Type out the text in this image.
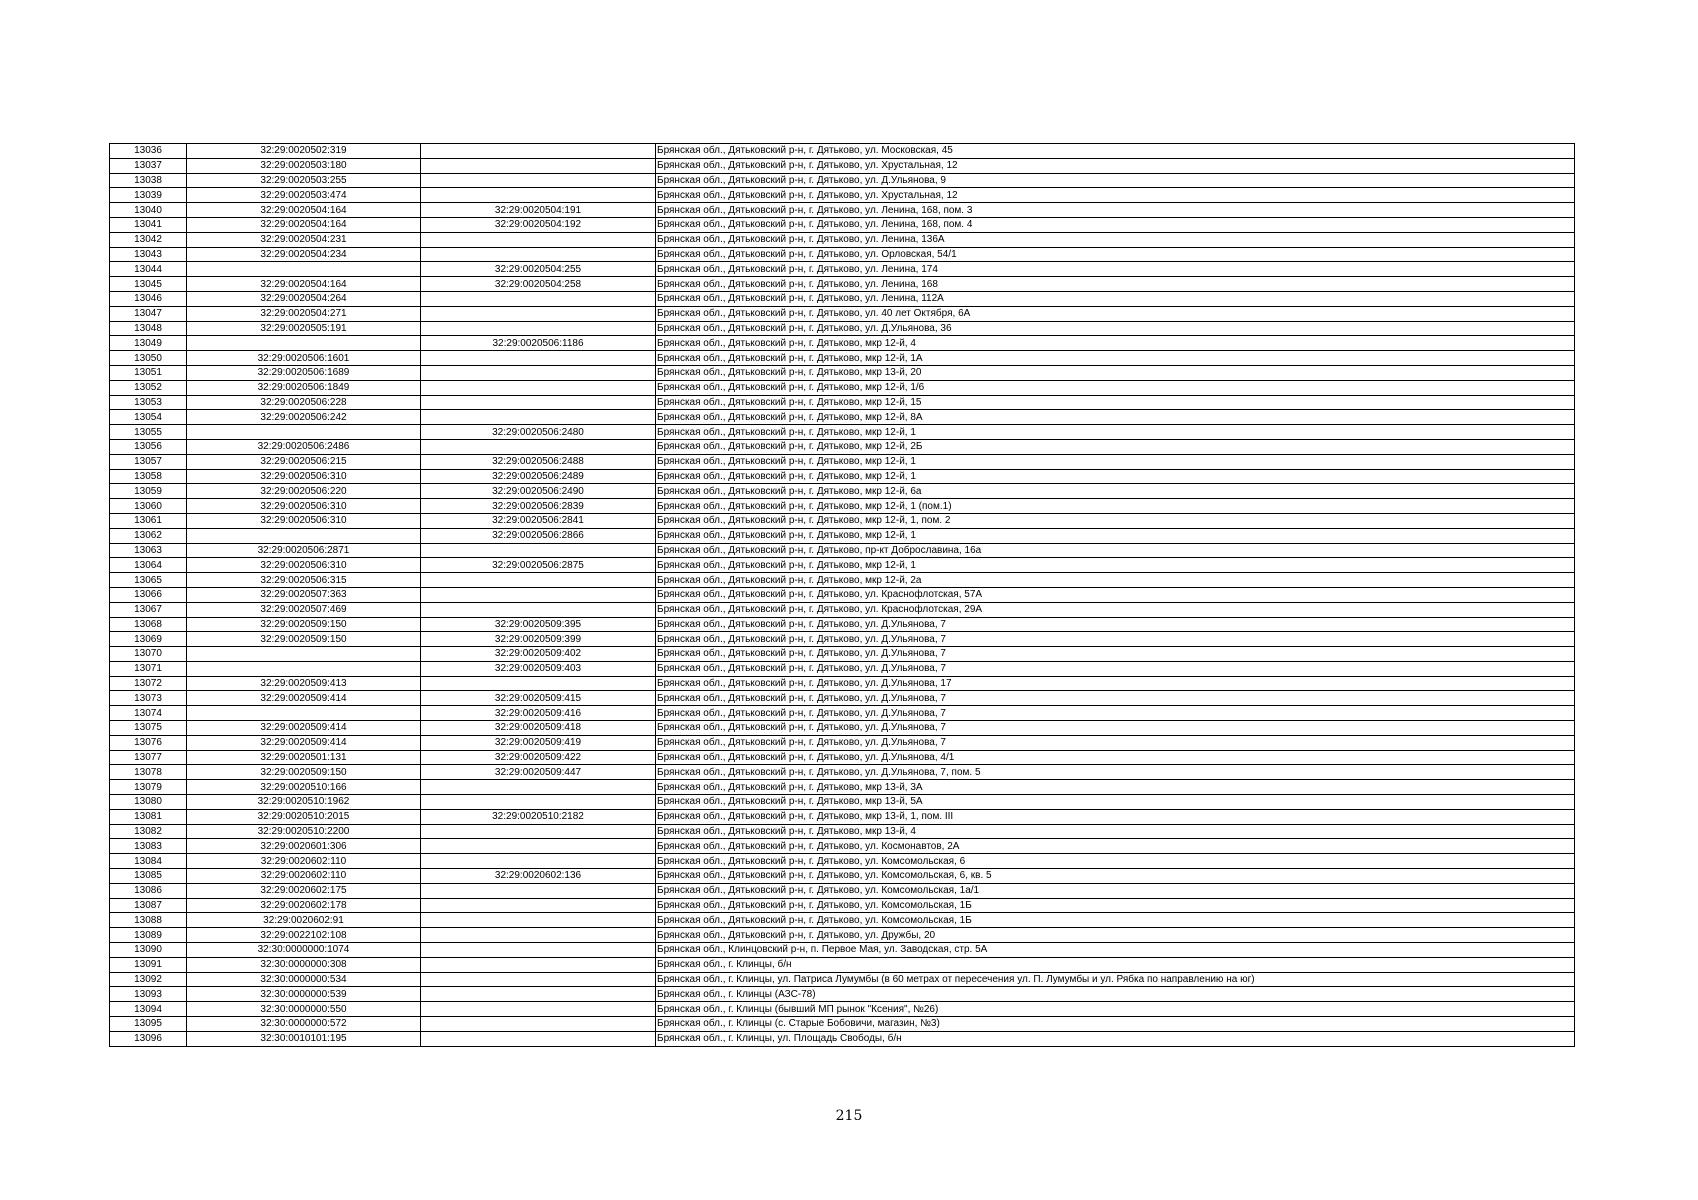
13036	32:29:0020502:319		Брянская обл., Дятьковский р-н, г. Дятьково, ул. Московская, 45
13037	32:29:0020503:180		Брянская обл., Дятьковский р-н, г. Дятьково, ул. Хрустальная, 12
13038	32:29:0020503:255		Брянская обл., Дятьковский р-н, г. Дятьково, ул. Д.Ульянова, 9
13039	32:29:0020503:474		Брянская обл., Дятьковский р-н, г. Дятьково, ул. Хрустальная, 12
13040	32:29:0020504:164	32:29:0020504:191	Брянская обл., Дятьковский р-н, г. Дятьково, ул. Ленина, 168, пом. 3
13041	32:29:0020504:164	32:29:0020504:192	Брянская обл., Дятьковский р-н, г. Дятьково, ул. Ленина, 168, пом. 4
13042	32:29:0020504:231		Брянская обл., Дятьковский р-н, г. Дятьково, ул. Ленина, 136А
13043	32:29:0020504:234		Брянская обл., Дятьковский р-н, г. Дятьково, ул. Орловская, 54/1
13044		32:29:0020504:255	Брянская обл., Дятьковский р-н, г. Дятьково, ул. Ленина, 174
13045	32:29:0020504:164	32:29:0020504:258	Брянская обл., Дятьковский р-н, г. Дятьково, ул. Ленина, 168
13046	32:29:0020504:264		Брянская обл., Дятьковский р-н, г. Дятьково, ул. Ленина, 112А
13047	32:29:0020504:271		Брянская обл., Дятьковский р-н, г. Дятьково, ул. 40 лет Октября, 6А
13048	32:29:0020505:191		Брянская обл., Дятьковский р-н, г. Дятьково, ул. Д.Ульянова, 36
13049		32:29:0020506:1186	Брянская обл., Дятьковский р-н, г. Дятьково, мкр 12-й, 4
13050	32:29:0020506:1601		Брянская обл., Дятьковский р-н, г. Дятьково, мкр 12-й, 1А
13051	32:29:0020506:1689		Брянская обл., Дятьковский р-н, г. Дятьково, мкр 13-й, 20
13052	32:29:0020506:1849		Брянская обл., Дятьковский р-н, г. Дятьково, мкр 12-й, 1/6
13053	32:29:0020506:228		Брянская обл., Дятьковский р-н, г. Дятьково, мкр 12-й, 15
13054	32:29:0020506:242		Брянская обл., Дятьковский р-н, г. Дятьково, мкр 12-й, 8А
13055		32:29:0020506:2480	Брянская обл., Дятьковский р-н, г. Дятьково, мкр 12-й, 1
13056	32:29:0020506:2486		Брянская обл., Дятьковский р-н, г. Дятьково, мкр 12-й, 2Б
13057	32:29:0020506:215	32:29:0020506:2488	Брянская обл., Дятьковский р-н, г. Дятьково, мкр 12-й, 1
13058	32:29:0020506:310	32:29:0020506:2489	Брянская обл., Дятьковский р-н, г. Дятьково, мкр 12-й, 1
13059	32:29:0020506:220	32:29:0020506:2490	Брянская обл., Дятьковский р-н, г. Дятьково, мкр 12-й, 6а
13060	32:29:0020506:310	32:29:0020506:2839	Брянская обл., Дятьковский р-н, г. Дятьково, мкр 12-й, 1 (пом.1)
13061	32:29:0020506:310	32:29:0020506:2841	Брянская обл., Дятьковский р-н, г. Дятьково, мкр 12-й, 1, пом. 2
13062		32:29:0020506:2866	Брянская обл., Дятьковский р-н, г. Дятьково, мкр 12-й, 1
13063	32:29:0020506:2871		Брянская обл., Дятьковский р-н, г. Дятьково, пр-кт Доброславина, 16а
13064	32:29:0020506:310	32:29:0020506:2875	Брянская обл., Дятьковский р-н, г. Дятьково, мкр 12-й, 1
13065	32:29:0020506:315		Брянская обл., Дятьковский р-н, г. Дятьково, мкр 12-й, 2а
13066	32:29:0020507:363		Брянская обл., Дятьковский р-н, г. Дятьково, ул. Краснофлотская, 57А
13067	32:29:0020507:469		Брянская обл., Дятьковский р-н, г. Дятьково, ул. Краснофлотская, 29А
13068	32:29:0020509:150	32:29:0020509:395	Брянская обл., Дятьковский р-н, г. Дятьково, ул. Д.Ульянова, 7
13069	32:29:0020509:150	32:29:0020509:399	Брянская обл., Дятьковский р-н, г. Дятьково, ул. Д.Ульянова, 7
13070		32:29:0020509:402	Брянская обл., Дятьковский р-н, г. Дятьково, ул. Д.Ульянова, 7
13071		32:29:0020509:403	Брянская обл., Дятьковский р-н, г. Дятьково, ул. Д.Ульянова, 7
13072	32:29:0020509:413		Брянская обл., Дятьковский р-н, г. Дятьково, ул. Д.Ульянова, 17
13073	32:29:0020509:414	32:29:0020509:415	Брянская обл., Дятьковский р-н, г. Дятьково, ул. Д.Ульянова, 7
13074		32:29:0020509:416	Брянская обл., Дятьковский р-н, г. Дятьково, ул. Д.Ульянова, 7
13075	32:29:0020509:414	32:29:0020509:418	Брянская обл., Дятьковский р-н, г. Дятьково, ул. Д.Ульянова, 7
13076	32:29:0020509:414	32:29:0020509:419	Брянская обл., Дятьковский р-н, г. Дятьково, ул. Д.Ульянова, 7
13077	32:29:0020501:131	32:29:0020509:422	Брянская обл., Дятьковский р-н, г. Дятьково, ул. Д.Ульянова, 4/1
13078	32:29:0020509:150	32:29:0020509:447	Брянская обл., Дятьковский р-н, г. Дятьково, ул. Д.Ульянова, 7, пом. 5
13079	32:29:0020510:166		Брянская обл., Дятьковский р-н, г. Дятьково, мкр 13-й, 3А
13080	32:29:0020510:1962		Брянская обл., Дятьковский р-н, г. Дятьково, мкр 13-й, 5А
13081	32:29:0020510:2015	32:29:0020510:2182	Брянская обл., Дятьковский р-н, г. Дятьково, мкр 13-й, 1, пом. III
13082	32:29:0020510:2200		Брянская обл., Дятьковский р-н, г. Дятьково, мкр 13-й, 4
13083	32:29:0020601:306		Брянская обл., Дятьковский р-н, г. Дятьково, ул. Космонавтов, 2А
13084	32:29:0020602:110		Брянская обл., Дятьковский р-н, г. Дятьково, ул. Комсомольская, 6
13085	32:29:0020602:110	32:29:0020602:136	Брянская обл., Дятьковский р-н, г. Дятьково, ул. Комсомольская, 6, кв. 5
13086	32:29:0020602:175		Брянская обл., Дятьковский р-н, г. Дятьково, ул. Комсомольская, 1а/1
13087	32:29:0020602:178		Брянская обл., Дятьковский р-н, г. Дятьково, ул. Комсомольская, 1Б
13088	32:29:0020602:91		Брянская обл., Дятьковский р-н, г. Дятьково, ул. Комсомольская, 1Б
13089	32:29:0022102:108		Брянская обл., Дятьковский р-н, г. Дятьково, ул. Дружбы, 20
13090	32:30:0000000:1074		Брянская обл., Клинцовский р-н, п. Первое Мая, ул. Заводская, стр. 5А
13091	32:30:0000000:308		Брянская обл., г. Клинцы, б/н
13092	32:30:0000000:534		Брянская обл., г. Клинцы, ул. Патриса Лумумбы (в 60 метрах от пересечения ул. П. Лумумбы и ул. Рябка по направлению на юг)
13093	32:30:0000000:539		Брянская обл., г. Клинцы (АЗС-78)
13094	32:30:0000000:550		Брянская обл., г. Клинцы (бывший МП рынок "Ксения", №26)
13095	32:30:0000000:572		Брянская обл., г. Клинцы (с. Старые Бобовичи, магазин, №3)
13096	32:30:0010101:195		Брянская обл., г. Клинцы, ул. Площадь Свободы, б/н
215
